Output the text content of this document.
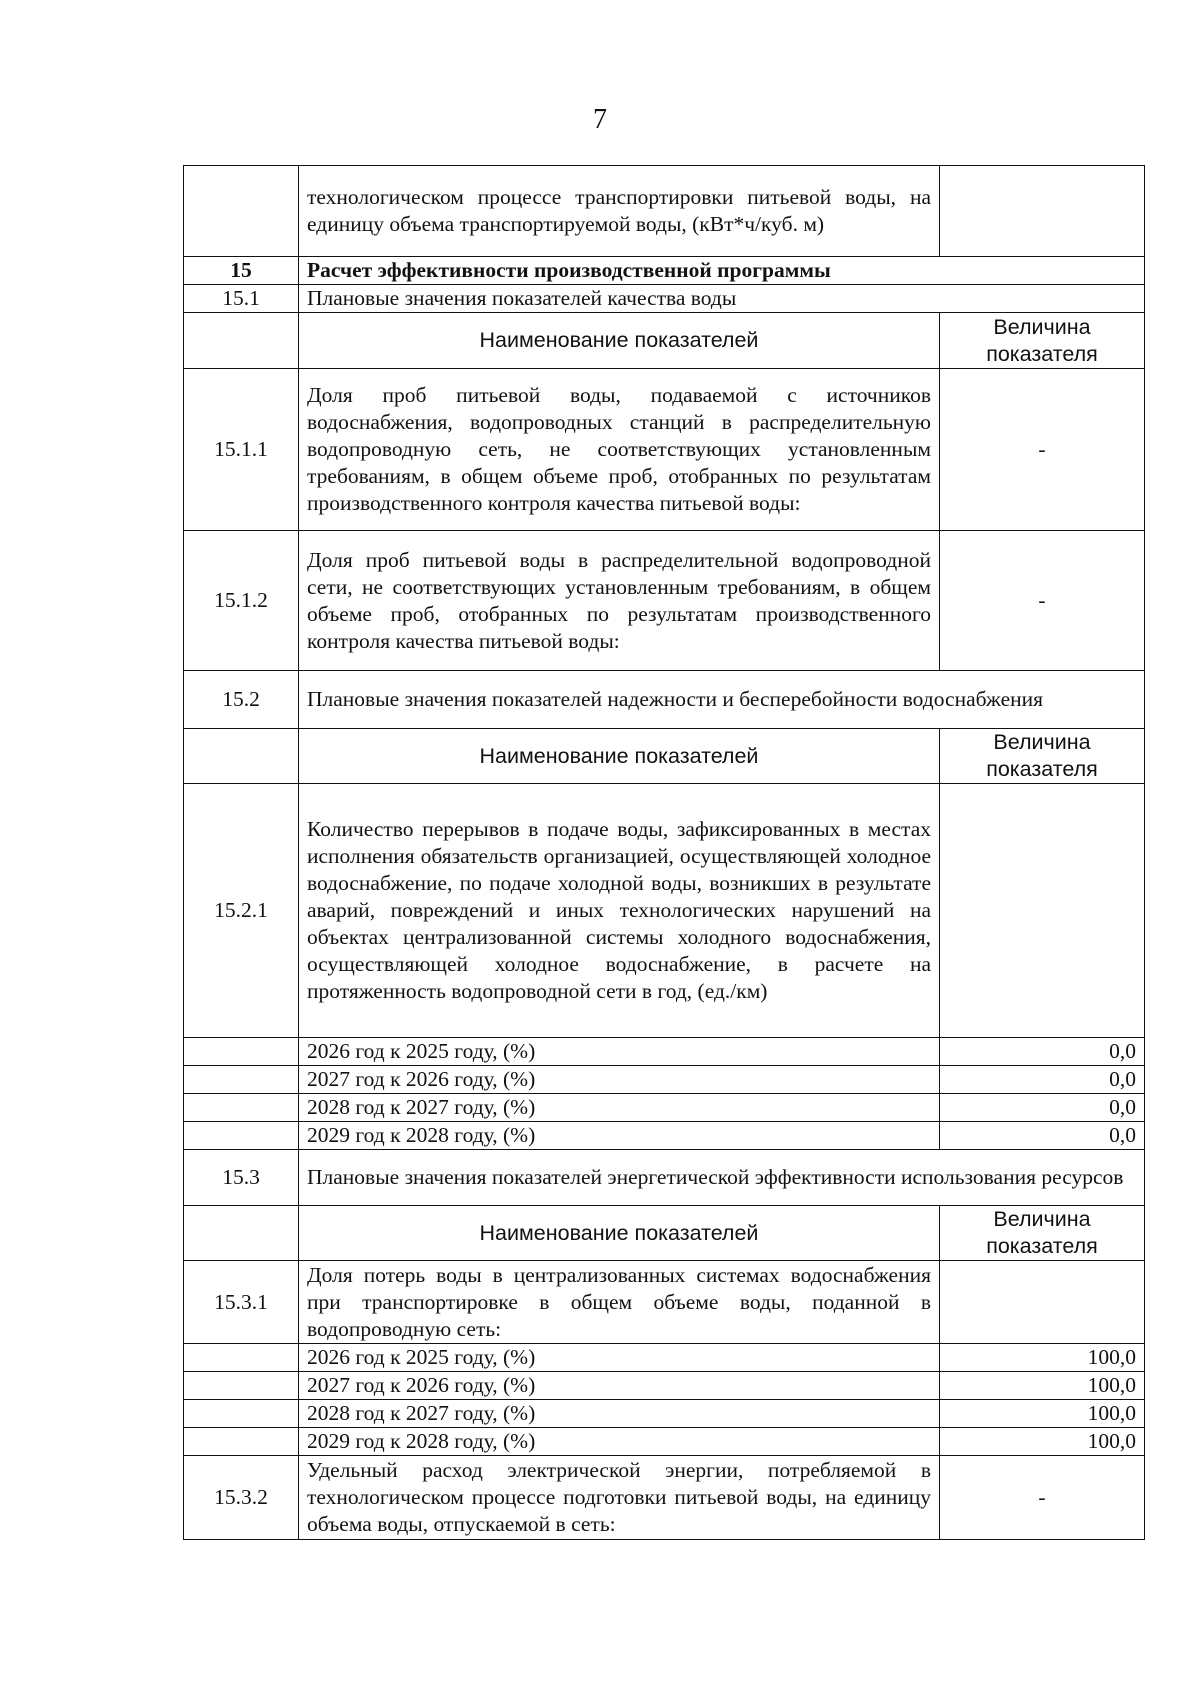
7
	технологическом процессе транспортировки питьевой воды, на единицу объема транспортируемой воды, (кВт*ч/куб. м)	
15	Расчет эффективности производственной программы	
15.1	Плановые значения показателей качества воды	
	Наименование показателей	Величина показателя
15.1.1	Доля проб питьевой воды, подаваемой с источников водоснабжения, водопроводных станций в распределительную водопроводную сеть, не соответствующих установленным требованиям, в общем объеме проб, отобранных по результатам производственного контроля качества питьевой воды:	-
15.1.2	Доля проб питьевой воды в распределительной водопроводной сети, не соответствующих установленным требованиям, в общем объеме проб, отобранных по результатам производственного контроля качества питьевой воды:	-
15.2	Плановые значения показателей надежности и бесперебойности водоснабжения	
	Наименование показателей	Величина показателя
15.2.1	Количество перерывов в подаче воды, зафиксированных в местах исполнения обязательств организацией, осуществляющей холодное водоснабжение, по подаче холодной воды, возникших в результате аварий, повреждений и иных технологических нарушений на объектах централизованной системы холодного водоснабжения, осуществляющей холодное водоснабжение, в расчете на протяженность водопроводной сети в год, (ед./км)	
	2026 год к 2025 году, (%)	0,0
	2027 год к 2026 году, (%)	0,0
	2028 год к 2027 году, (%)	0,0
	2029 год к 2028 году, (%)	0,0
15.3	Плановые значения показателей энергетической эффективности использования ресурсов	
	Наименование показателей	Величина показателя
15.3.1	Доля потерь воды в централизованных системах водоснабжения при транспортировке в общем объеме воды, поданной в водопроводную сеть:	
	2026 год к 2025 году, (%)	100,0
	2027 год к 2026 году, (%)	100,0
	2028 год к 2027 году, (%)	100,0
	2029 год к 2028 году, (%)	100,0
15.3.2	Удельный расход электрической энергии, потребляемой в технологическом процессе подготовки питьевой воды, на единицу объема воды, отпускаемой в сеть:	-
